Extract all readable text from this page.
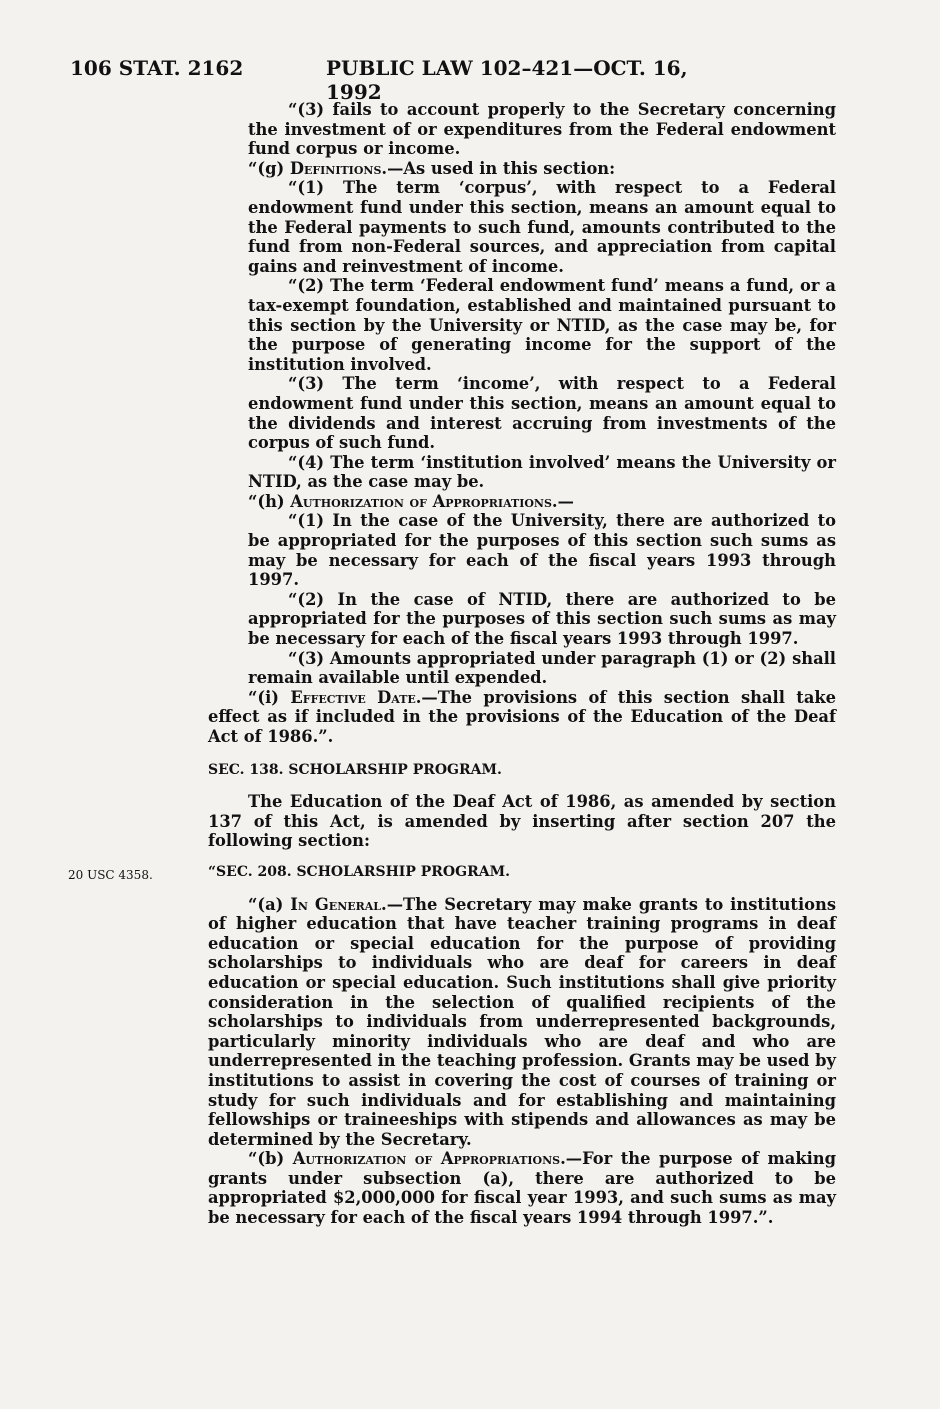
106 STAT. 2162	PUBLIC LAW 102–421—OCT. 16, 1992

“(3) fails to account properly to the Secretary concerning the investment of or expenditures from the Federal endowment fund corpus or income.

“(g) Definitions.—As used in this section:

“(1) The term ‘corpus’, with respect to a Federal endowment fund under this section, means an amount equal to the Federal payments to such fund, amounts contributed to the fund from non-Federal sources, and appreciation from capital gains and reinvestment of income.

“(2) The term ‘Federal endowment fund’ means a fund, or a tax-exempt foundation, established and maintained pursuant to this section by the University or NTID, as the case may be, for the purpose of generating income for the support of the institution involved.

“(3) The term ‘income’, with respect to a Federal endowment fund under this section, means an amount equal to the dividends and interest accruing from investments of the corpus of such fund.

“(4) The term ‘institution involved’ means the University or NTID, as the case may be.

“(h) Authorization of Appropriations.—

“(1) In the case of the University, there are authorized to be appropriated for the purposes of this section such sums as may be necessary for each of the fiscal years 1993 through 1997.

“(2) In the case of NTID, there are authorized to be appropriated for the purposes of this section such sums as may be necessary for each of the fiscal years 1993 through 1997.

“(3) Amounts appropriated under paragraph (1) or (2) shall remain available until expended.

“(i) Effective Date.—The provisions of this section shall take effect as if included in the provisions of the Education of the Deaf Act of 1986.”.

SEC. 138. SCHOLARSHIP PROGRAM.

The Education of the Deaf Act of 1986, as amended by section 137 of this Act, is amended by inserting after section 207 the following section:

“SEC. 208. SCHOLARSHIP PROGRAM.

“(a) In General.—The Secretary may make grants to institutions of higher education that have teacher training programs in deaf education or special education for the purpose of providing scholarships to individuals who are deaf for careers in deaf education or special education. Such institutions shall give priority consideration in the selection of qualified recipients of the scholarships to individuals from underrepresented backgrounds, particularly minority individuals who are deaf and who are underrepresented in the teaching profession. Grants may be used by institutions to assist in covering the cost of courses of training or study for such individuals and for establishing and maintaining fellowships or traineeships with stipends and allowances as may be determined by the Secretary.

“(b) Authorization of Appropriations.—For the purpose of making grants under subsection (a), there are authorized to be appropriated $2,000,000 for fiscal year 1993, and such sums as may be necessary for each of the fiscal years 1994 through 1997.”.

20 USC 4358.
